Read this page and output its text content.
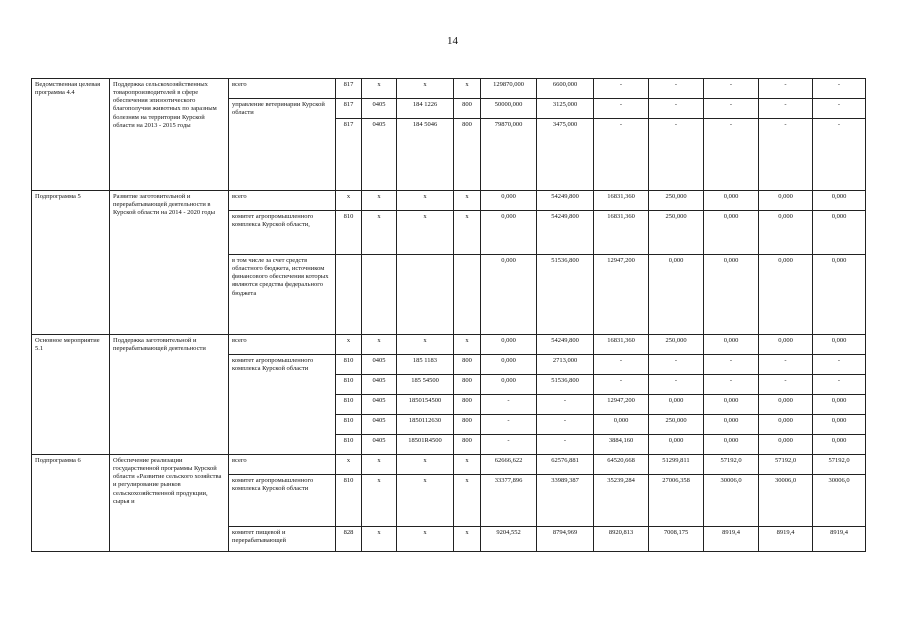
14
Ведомственная целевая программа 4.4	Поддержка сельскохозяйственных товаропроизводителей в сфере обеспечения эпизоотического благополучия животных по заразным болезням на территории Курской области на 2013 - 2015 годы	всего	817	х	х	х	129870,000	6600,000	-	-	-	-	-
		управление ветеринарии Курской области	817	0405	184 1226	800	50000,000	3125,000	-	-	-	-	-
			817	0405	184 5046	800	79870,000	3475,000	-	-	-	-	-
Подпрограмма 5	Развитие заготовительной и перерабатывающей деятельности в Курской области на 2014 - 2020 годы	всего	х	х	х	х	0,000	54249,800	16831,360	250,000	0,000	0,000	0,000
		комитет агропромышленного комплекса Курской области,	810	х	х	х	0,000	54249,800	16831,360	250,000	0,000	0,000	0,000
		в том числе за счет средств областного бюджета, источником финансового обеспечения которых являются средства федерального бюджета					0,000	51536,800	12947,200	0,000	0,000	0,000	0,000
Основное мероприятие 5.1	Поддержка заготовительной и перерабатывающей деятельности	всего	х	х	х	х	0,000	54249,800	16831,360	250,000	0,000	0,000	0,000
		комитет агропромышленного комплекса Курской области	810	0405	185 1183	800	0,000	2713,000	-	-	-	-	-
			810	0405	185 54500	800	0,000	51536,800	-	-	-	-	-
			810	0405	1850154500	800	-	-	12947,200	0,000	0,000	0,000	0,000
			810	0405	1850112630	800	-	-	0,000	250,000	0,000	0,000	0,000
			810	0405	18501R4500	800	-	-	3884,160	0,000	0,000	0,000	0,000
Подпрограмма 6	Обеспечение реализации государственной программы Курской области «Развитие сельского хозяйства и регулирование рынков сельскохозяйственной продукции, сырья и	всего	х	х	х	х	62666,622	62576,881	64520,668	51299,811	57192,0	57192,0	57192,0
		комитет агропромышленного комплекса Курской области	810	х	х	х	33377,896	33989,387	35239,284	27006,358	30006,0	30006,0	30006,0
		комитет пищевой и перерабатывающей	828	х	х	х	9204,552	8794,969	8920,813	7008,175	8919,4	8919,4	8919,4
